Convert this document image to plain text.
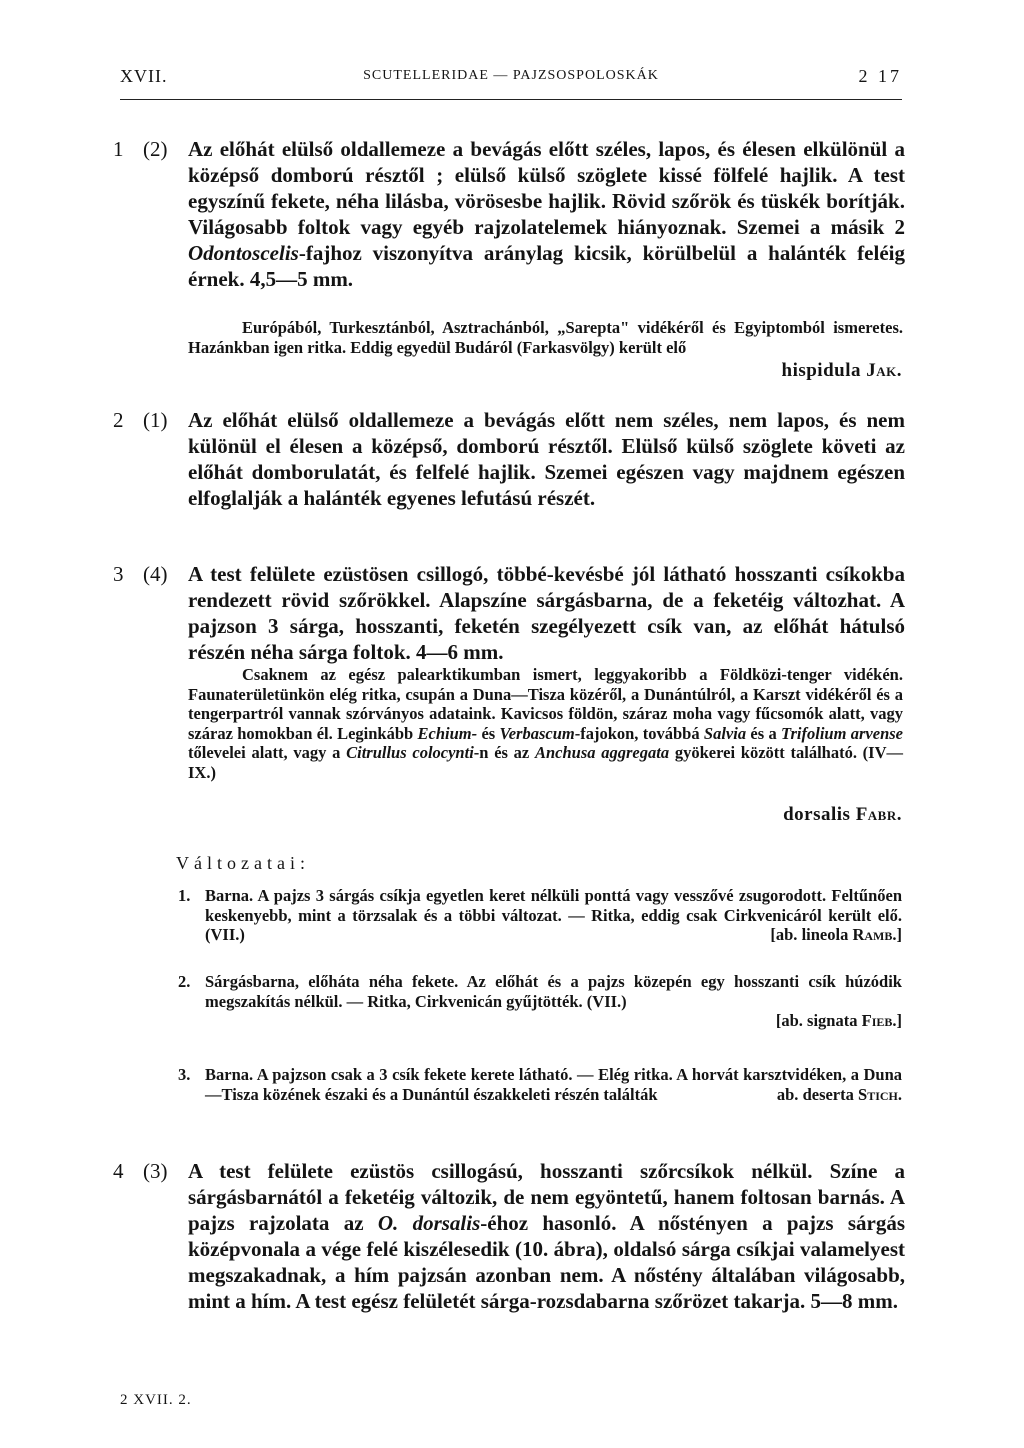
XVII.	SCUTELLERIDAE — PAJZSOSPOLOSKÁK	2 17
1 (2) Az előhát elülső oldallemeze a bevágás előtt széles, lapos, és élesen elkülönül a középső domború résztől ; elülső külső szöglete kissé fölfelé hajlik. A test egyszínű fekete, néha lilásba, vörösesbe hajlik. Rövid szőrök és tüskék borítják. Világosabb foltok vagy egyéb rajzolatelemek hiányoznak. Szemei a másik 2 Odontoscelis-fajhoz viszonyítva aránylag kicsik, körülbelül a halánték feléig érnek. 4,5—5 mm.
Európából, Turkesztánból, Asztrachánból, „Sarepta" vidékéről és Egyiptomból ismeretes. Hazánkban igen ritka. Eddig egyedül Budáról (Farkasvölgy) került elő
hispidula Jak.
2 (1) Az előhát elülső oldallemeze a bevágás előtt nem széles, nem lapos, és nem különül el élesen a középső, domború résztől. Elülső külső szöglete követi az előhát domborulatát, és felfelé hajlik. Szemei egészen vagy majdnem egészen elfoglalják a halánték egyenes lefutású részét.
3 (4) A test felülete ezüstösen csillogó, többé-kevésbé jól látható hosszanti csíkokba rendezett rövid szőrökkel. Alapszíne sárgásbarna, de a feketéig változhat. A pajzson 3 sárga, hosszanti, feketén szegélyezett csík van, az előhát hátulsó részén néha sárga foltok. 4—6 mm.
Csaknem az egész palearktikumban ismert, leggyakoribb a Földközi-tenger vidékén. Faunaterületünkön elég ritka, csupán a Duna—Tisza közéről, a Dunántúlról, a Karszt vidékéről és a tengerpartról vannak szórványos adataink. Kavicsos földön, száraz moha vagy fűcsomók alatt, vagy száraz homokban él. Leginkább Echium- és Verbascum-fajokon, továbbá Salvia és a Trifolium arvense tőlevelei alatt, vagy a Citrullus colocynti-n és az Anchusa aggregata gyökerei között található. (IV—IX.)
dorsalis Fabr.
Változatai:
1. Barna. A pajzs 3 sárgás csíkja egyetlen keret nélküli ponttá vagy vesszővé zsugorodott. Feltűnően keskenyebb, mint a törzsalak és a többi változat. — Ritka, eddig csak Cirkvenicáról került elő. (VII.)	[ab. lineola Ramb.]
2. Sárgásbarna, előháta néha fekete. Az előhát és a pajzs közepén egy hosszanti csík húzódik megszakítás nélkül. — Ritka, Cirkvenicán gyűjtötték. (VII.)
[ab. signata Fieb.]
3. Barna. A pajzson csak a 3 csík fekete kerete látható. — Elég ritka. A horvát karsztvidéken, a Duna—Tisza közének északi és a Dunántúl északkeleti részén találták	ab. deserta Stich.
4 (3) A test felülete ezüstös csillogású, hosszanti szőrcsíkok nélkül. Színe a sárgásbarnától a feketéig változik, de nem egyöntetű, hanem foltosan barnás. A pajzs rajzolata az O. dorsalis-éhoz hasonló. A nőstényen a pajzs sárgás középvonala a vége felé kiszélesedik (10. ábra), oldalsó sárga csíkjai valamelyest megszakadnak, a hím pajzsán azonban nem. A nőstény általában világosabb, mint a hím. A test egész felületét sárga-rozsdabarna szőrözet takarja. 5—8 mm.
2 XVII. 2.
